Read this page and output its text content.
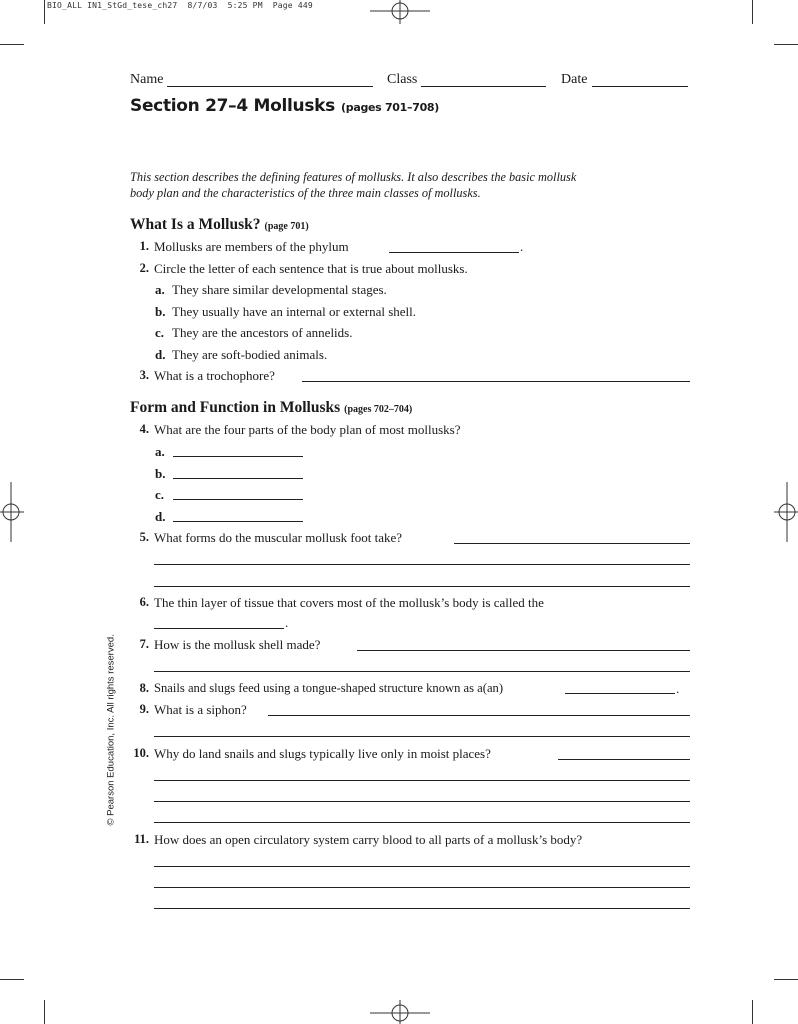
BIO_ALL IN1_StGd_tese_ch27  8/7/03  5:25 PM  Page 449
Name	Class	Date
Section 27–4 Mollusks (pages 701–708)
This section describes the defining features of mollusks. It also describes the basic mollusk body plan and the characteristics of the three main classes of mollusks.
What Is a Mollusk? (page 701)
1. Mollusks are members of the phylum	.
2. Circle the letter of each sentence that is true about mollusks.
a. They share similar developmental stages.
b. They usually have an internal or external shell.
c. They are the ancestors of annelids.
d. They are soft-bodied animals.
3. What is a trochophore?
Form and Function in Mollusks (pages 702–704)
4. What are the four parts of the body plan of most mollusks?
a.
b.
c.
d.
5. What forms do the muscular mollusk foot take?
6. The thin layer of tissue that covers most of the mollusk’s body is called the
.
7. How is the mollusk shell made?
8. Snails and slugs feed using a tongue-shaped structure known as a(an)	.
9. What is a siphon?
10. Why do land snails and slugs typically live only in moist places?
11. How does an open circulatory system carry blood to all parts of a mollusk’s body?
© Pearson Education, Inc. All rights reserved.
